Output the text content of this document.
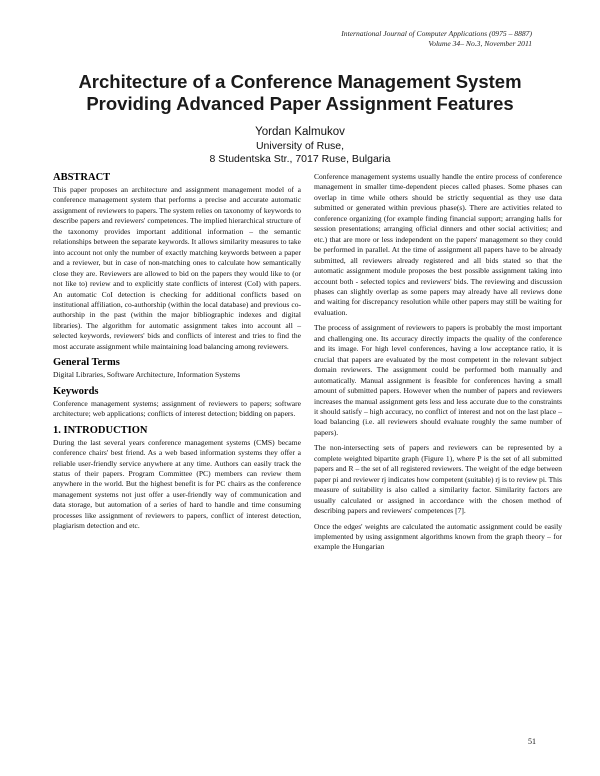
International Journal of Computer Applications (0975 – 8887)
Volume 34– No.3, November 2011
Architecture of a Conference Management System
Providing Advanced Paper Assignment Features
Yordan Kalmukov
University of Ruse,
8 Studentska Str., 7017 Ruse, Bulgaria
ABSTRACT

This paper proposes an architecture and assignment management model of a conference management system that performs a precise and accurate automatic assignment of reviewers to papers. The system relies on taxonomy of keywords to describe papers and reviewers' competences. The implied hierarchical structure of the taxonomy provides important additional information – the semantic relationships between the separate keywords. It allows similarity measures to take into account not only the number of exactly matching keywords between a paper and a reviewer, but in case of non-matching ones to calculate how semantically close they are. Reviewers are allowed to bid on the papers they would like to (or not like to) review and to explicitly state conflicts of interest (CoI) with papers. An automatic CoI detection is checking for additional conflicts based on institutional affiliation, co-authorship (within the local database) and previous co-authorship in the past (within the major bibliographic indexes and digital libraries). The algorithm for automatic assignment takes into account all – selected keywords, reviewers' bids and conflicts of interest and tries to find the most accurate assignment while maintaining load balancing among reviewers.

General Terms

Digital Libraries, Software Architecture, Information Systems

Keywords

Conference management systems; assignment of reviewers to papers; software architecture; web applications; conflicts of interest detection; bidding on papers.

1. INTRODUCTION

During the last several years conference management systems (CMS) became conference chairs' best friend. As a web based information systems they offer a reliable user-friendly service anywhere at any time. Authors can easily track the status of their papers. Program Committee (PC) members can review them anywhere in the world. But the highest benefit is for PC chairs as the conference management systems not just offer a user-friendly way of communication and data storage, but automation of a series of hard to handle and time consuming processes like assignment of reviewers to papers, conflict of interest detection, plagiarism detection and etc.

Conference management systems usually handle the entire process of conference management in smaller time-dependent pieces called phases. Some phases can overlap in time while others should be strictly sequential as they use data submitted or generated within previous phase(s). There are activities related to conference organizing (for example finding financial support; arranging halls for session presentations; arranging official dinners and other social activities; and etc.) that are more or less independent on the papers' management so they could be performed in parallel. At the time of assignment all papers have to be already submitted, all reviewers already registered and all bids stated so that the automatic assignment module proposes the best possible assignment taking into account both - selected topics and reviewers' bids. The reviewing and discussion phases can slightly overlap as some papers may already have all reviews done and waiting for discrepancy resolution while other papers may still be waiting for evaluation.

The process of assignment of reviewers to papers is probably the most important and challenging one. Its accuracy directly impacts the quality of the conference and its image. For high level conferences, having a low acceptance ratio, it is crucial that papers are evaluated by the most competent in the relevant subject domain reviewers. The assignment could be performed both manually and automatically. Manual assignment is feasible for conferences having a small amount of submitted papers. However when the number of papers and reviewers increases the manual assignment gets less and less accurate due to the constraints it should satisfy – high accuracy, no conflict of interest and not on the last place – load balancing (i.e. all reviewers should evaluate roughly the same number of papers).

The non-intersecting sets of papers and reviewers can be represented by a complete weighted bipartite graph (Figure 1), where P is the set of all submitted papers and R – the set of all registered reviewers. The weight of the edge between paper pi and reviewer rj indicates how competent (suitable) rj is to review pi. This measure of suitability is also called a similarity factor. Similarity factors are usually calculated or assigned in accordance with the chosen method of describing papers and reviewers' competences [7].

Once the edges' weights are calculated the automatic assignment could be easily implemented by using assignment algorithms known from the graph theory – for example the Hungarian

51
